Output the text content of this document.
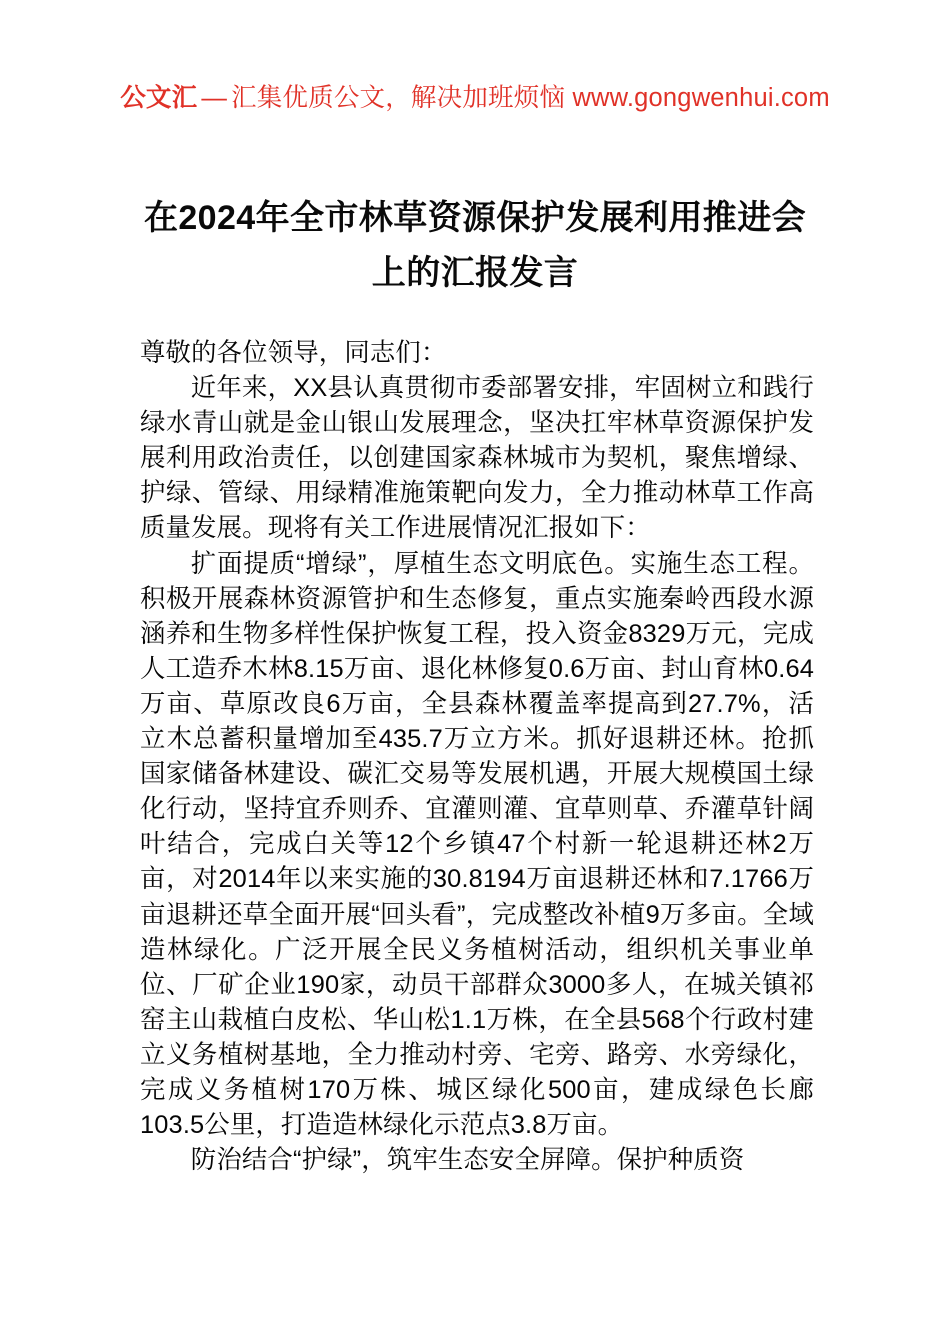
公文汇 — 汇集优质公文，解决加班烦恼 www.gongwenhui.com
在2024年全市林草资源保护发展利用推进会上的汇报发言

尊敬的各位领导，同志们：

近年来，XX县认真贯彻市委部署安排，牢固树立和践行绿水青山就是金山银山发展理念，坚决扛牢林草资源保护发展利用政治责任，以创建国家森林城市为契机，聚焦增绿、护绿、管绿、用绿精准施策靶向发力，全力推动林草工作高质量发展。现将有关工作进展情况汇报如下：

扩面提质“增绿”，厚植生态文明底色。实施生态工程。积极开展森林资源管护和生态修复，重点实施秦岭西段水源涵养和生物多样性保护恢复工程，投入资金8329万元，完成人工造乔木林8.15万亩、退化林修复0.6万亩、封山育林0.64万亩、草原改良6万亩，全县森林覆盖率提高到27.7%，活立木总蓄积量增加至435.7万立方米。抓好退耕还林。抢抓国家储备林建设、碳汇交易等发展机遇，开展大规模国土绿化行动，坚持宜乔则乔、宜灌则灌、宜草则草、乔灌草针阔叶结合，完成白关等12个乡镇47个村新一轮退耕还林2万亩，对2014年以来实施的30.8194万亩退耕还林和7.1766万亩退耕还草全面开展“回头看”，完成整改补植9万多亩。全域造林绿化。广泛开展全民义务植树活动，组织机关事业单位、厂矿企业190家，动员干部群众3000多人，在城关镇祁窑主山栽植白皮松、华山松1.1万株，在全县568个行政村建立义务植树基地，全力推动村旁、宅旁、路旁、水旁绿化，完成义务植树170万株、城区绿化500亩，建成绿色长廊103.5公里，打造造林绿化示范点3.8万亩。

防治结合“护绿”，筑牢生态安全屏障。保护种质资
